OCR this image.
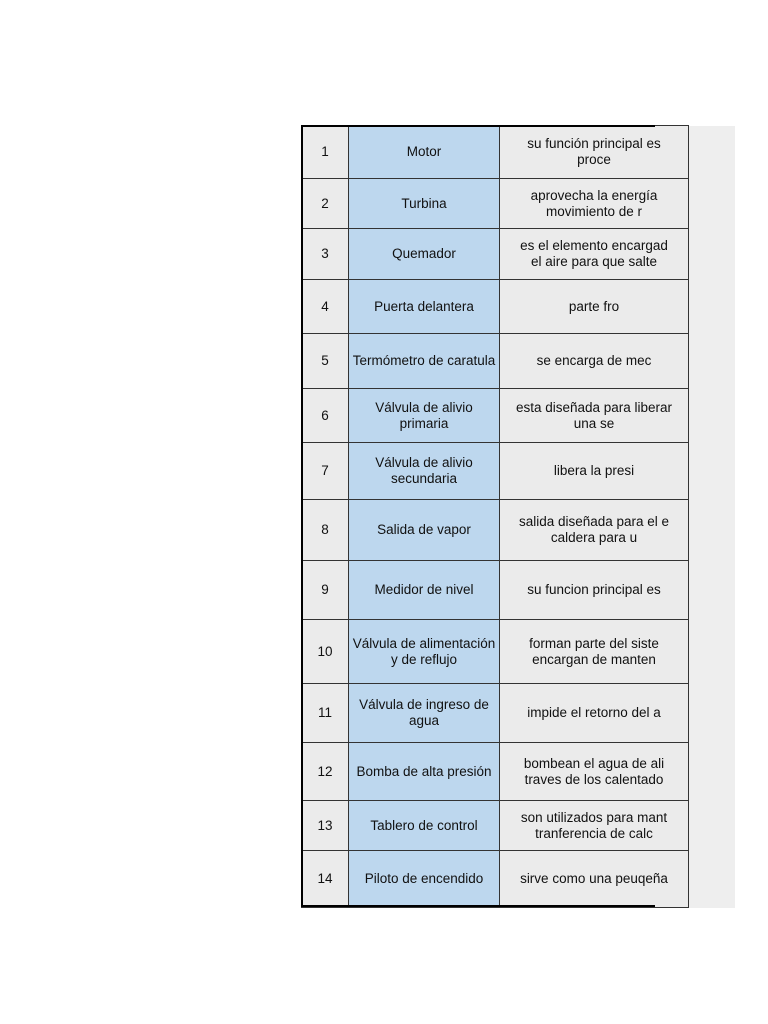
1	Motor	su función principal es
proce
2	Turbina	aprovecha la energía
movimiento de r
3	Quemador	es el elemento encargad
el aire para que salte
4	Puerta delantera	parte fro
5	Termómetro de caratula	se encarga de mec
6	Válvula de alivio primaria	esta diseñada para liberar
una se
7	Válvula de alivio secundaria	libera la presi
8	Salida de vapor	salida diseñada para el e
caldera para u
9	Medidor de nivel	su funcion principal es
10	Válvula de alimentación y de reflujo	forman parte del siste
encargan de manten
11	Válvula de ingreso de agua	impide el retorno del a
12	Bomba de alta presión	bombean el agua de ali
traves de los calentado
13	Tablero de control	son utilizados para mant
tranferencia de calc
14	Piloto de encendido	sirve como una peuqeña
